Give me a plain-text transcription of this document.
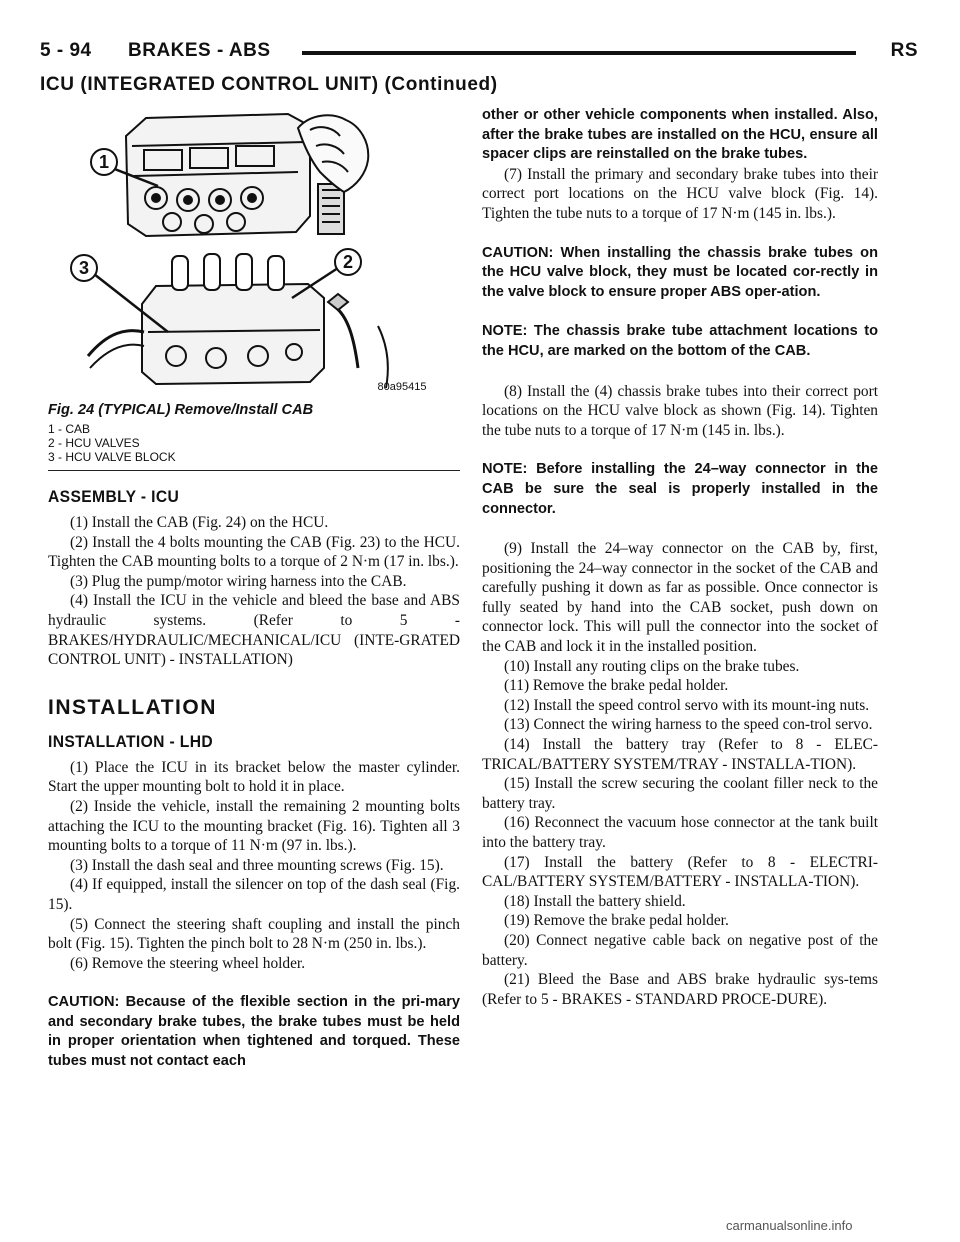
5 - 94 BRAKES - ABS	RS
ICU (INTEGRATED CONTROL UNIT) (Continued)
1
2
3
80a95415
Fig. 24 (TYPICAL) Remove/Install CAB

1 - CAB

2 - HCU VALVES

3 - HCU VALVE BLOCK

ASSEMBLY - ICU

(1) Install the CAB (Fig. 24) on the HCU.

(2) Install the 4 bolts mounting the CAB (Fig. 23) to the HCU. Tighten the CAB mounting bolts to a torque of 2 N·m (17 in. lbs.).

(3) Plug the pump/motor wiring harness into the CAB.

(4) Install the ICU in the vehicle and bleed the base and ABS hydraulic systems. (Refer to 5 - BRAKES/HYDRAULIC/MECHANICAL/ICU (INTE-GRATED CONTROL UNIT) - INSTALLATION)

INSTALLATION
INSTALLATION - LHD

(1) Place the ICU in its bracket below the master cylinder. Start the upper mounting bolt to hold it in place.

(2) Inside the vehicle, install the remaining 2 mounting bolts attaching the ICU to the mounting bracket (Fig. 16). Tighten all 3 mounting bolts to a torque of 11 N·m (97 in. lbs.).

(3) Install the dash seal and three mounting screws (Fig. 15).

(4) If equipped, install the silencer on top of the dash seal (Fig. 15).

(5) Connect the steering shaft coupling and install the pinch bolt (Fig. 15). Tighten the pinch bolt to 28 N·m (250 in. lbs.).

(6) Remove the steering wheel holder.

CAUTION: Because of the flexible section in the pri-mary and secondary brake tubes, the brake tubes must be held in proper orientation when tightened and torqued. These tubes must not contact each

other or other vehicle components when installed. Also, after the brake tubes are installed on the HCU, ensure all spacer clips are reinstalled on the brake tubes.

(7) Install the primary and secondary brake tubes into their correct port locations on the HCU valve block (Fig. 14). Tighten the tube nuts to a torque of 17 N·m (145 in. lbs.).

CAUTION: When installing the chassis brake tubes on the HCU valve block, they must be located cor-rectly in the valve block to ensure proper ABS oper-ation.

NOTE: The chassis brake tube attachment locations to the HCU, are marked on the bottom of the CAB.

(8) Install the (4) chassis brake tubes into their correct port locations on the HCU valve block as shown (Fig. 14). Tighten the tube nuts to a torque of 17 N·m (145 in. lbs.).

NOTE: Before installing the 24–way connector in the CAB be sure the seal is properly installed in the connector.

(9) Install the 24–way connector on the CAB by, first, positioning the 24–way connector in the socket of the CAB and carefully pushing it down as far as possible. Once connector is fully seated by hand into the CAB socket, push down on connector lock. This will pull the connector into the socket of the CAB and lock it in the installed position.

(10) Install any routing clips on the brake tubes.

(11) Remove the brake pedal holder.

(12) Install the speed control servo with its mount-ing nuts.

(13) Connect the wiring harness to the speed con-trol servo.

(14) Install the battery tray (Refer to 8 - ELEC-TRICAL/BATTERY SYSTEM/TRAY - INSTALLA-TION).

(15) Install the screw securing the coolant filler neck to the battery tray.

(16) Reconnect the vacuum hose connector at the tank built into the battery tray.

(17) Install the battery (Refer to 8 - ELECTRI-CAL/BATTERY SYSTEM/BATTERY - INSTALLA-TION).

(18) Install the battery shield.

(19) Remove the brake pedal holder.

(20) Connect negative cable back on negative post of the battery.

(21) Bleed the Base and ABS brake hydraulic sys-tems (Refer to 5 - BRAKES - STANDARD PROCE-DURE).

carmanualsonline.info
